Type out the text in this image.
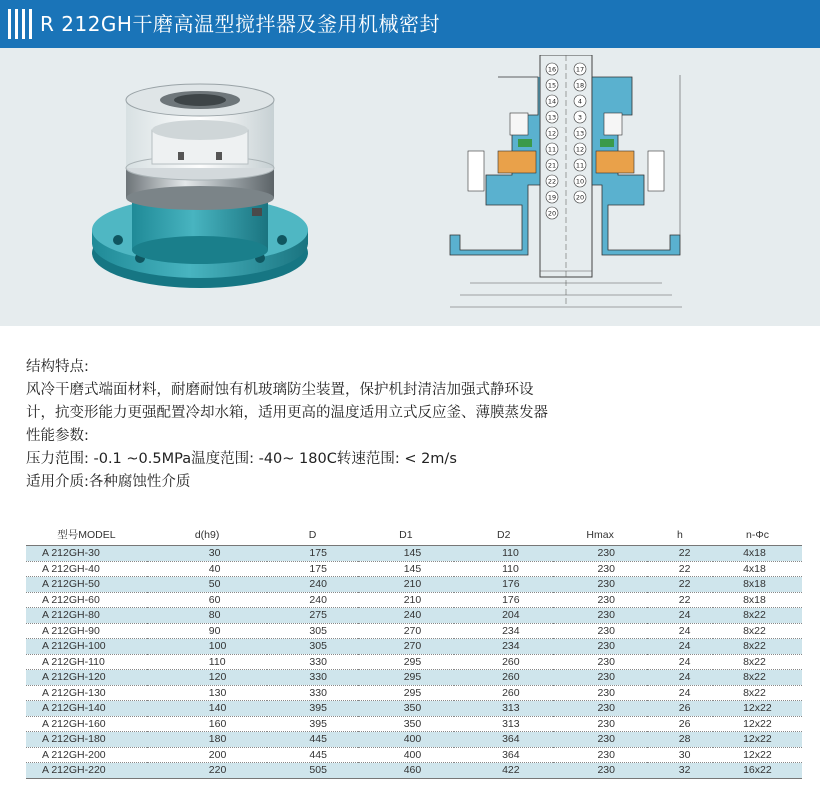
R 212GH干磨高温型搅拌器及釜用机械密封
16
15
14
13
12
11
21
22
19
20
17
18
4
3
13
12
11
10
20
结构特点:
风冷干磨式端面材料，耐磨耐蚀有机玻璃防尘装置，保护机封清洁加强式静环设
计，抗变形能力更强配置冷却水箱，适用更高的温度适用立式反应釜、薄膜蒸发器
性能参数:
压力范围: -0.1 ~0.5MPa温度范围: -40~ 180C转速范围: < 2m/s
适用介质:各种腐蚀性介质
型号MODEL	d(h9)	D	D1	D2	Hmax	h	n-Φc
A 212GH-30	30	175	145	110	230	22	4x18
A 212GH-40	40	175	145	110	230	22	4x18
A 212GH-50	50	240	210	176	230	22	8x18
A 212GH-60	60	240	210	176	230	22	8x18
A 212GH-80	80	275	240	204	230	24	8x22
A 212GH-90	90	305	270	234	230	24	8x22
A 212GH-100	100	305	270	234	230	24	8x22
A 212GH-110	110	330	295	260	230	24	8x22
A 212GH-120	120	330	295	260	230	24	8x22
A 212GH-130	130	330	295	260	230	24	8x22
A 212GH-140	140	395	350	313	230	26	12x22
A 212GH-160	160	395	350	313	230	26	12x22
A 212GH-180	180	445	400	364	230	28	12x22
A 212GH-200	200	445	400	364	230	30	12x22
A 212GH-220	220	505	460	422	230	32	16x22
